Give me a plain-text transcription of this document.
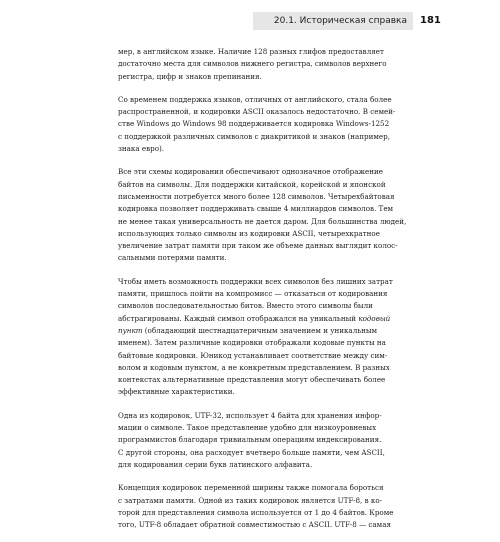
20.1. Историческая справка	181

мер, в английском языке. Наличие 128 разных глифов предоставляет
достаточно места для символов нижнего регистра, символов верхнего
регистра, цифр и знаков препинания.

Со временем поддержка языков, отличных от английского, стала более
распространенной, и кодировки ASCII оказалось недостаточно. В семей-
стве Windows до Windows 98 поддерживается кодировка Windows-1252
с поддержкой различных символов с диакритикой и знаков (например,
знака евро).

Все эти схемы кодирования обеспечивают однозначное отображение
байтов на символы. Для поддержки китайской, корейской и японской
письменности потребуется много более 128 символов. Четырехбайтовая
кодировка позволяет поддерживать свыше 4 миллиардов символов. Тем
не менее такая универсальность не дается даром. Для большинства людей,
использующих только символы из кодировки ASCII, четырехкратное
увеличение затрат памяти при таком же объеме данных выглядит колос-
сальными потерями памяти.

Чтобы иметь возможность поддержки всех символов без лишних затрат
памяти, пришлось пойти на компромисс — отказаться от кодирования
символов последовательностью битов. Вместо этого символы были
абстрагированы. Каждый символ отображался на уникальный кодовый
пункт (обладающий шестнадцатеричным значением и уникальным
именем). Затем различные кодировки отображали кодовые пункты на
байтовые кодировки. Юникод устанавливает соответствие между сим-
волом и кодовым пунктом, а не конкретным представлением. В разных
контекстах альтернативные представления могут обеспечивать более
эффективные характеристики.

Одна из кодировок, UTF-32, использует 4 байта для хранения инфор-
мации о символе. Такое представление удобно для низкоуровневых
программистов благодаря тривиальным операциям индексирования.
С другой стороны, она расходует вчетверо больше памяти, чем ASCII,
для кодирования серии букв латинского алфавита.

Концепция кодировок переменной ширины также помогала бороться
с затратами памяти. Одной из таких кодировок является UTF-8, в ко-
торой для представления символа используется от 1 до 4 байтов. Кроме
того, UTF-8 обладает обратной совместимостью с ASCII. UTF-8 — самая
